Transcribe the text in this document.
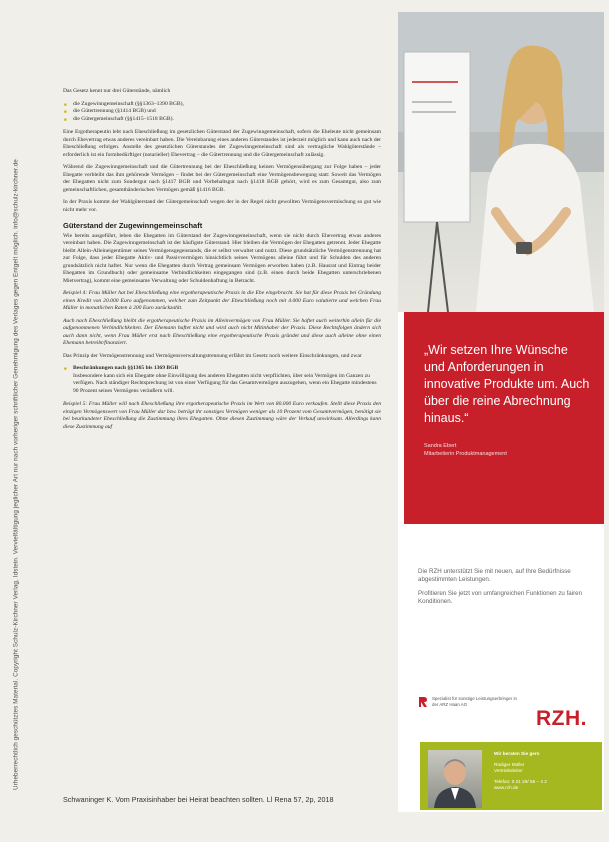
Urheberrechtlich geschütztes Material. Copyright Schulz-Kirchner Verlag, Idstein. Vervielfältigung jeglicher Art nur nach vorheriger schriftlicher Genehmigung des Verlages gegen Entgelt möglich. info@schulz-kirchner.de

Das Gesetz kennt nur drei Güterstände, nämlich

■ die Zugewinngemeinschaft (§§1363–1390 BGB),
■ die Gütertrennung (§1414 BGB) und
■ die Gütergemeinschaft (§§1415–1518 BGB).

Eine Ergotherapeutin lebt nach Eheschließung im gesetzlichen Güterstand der Zugewinngemeinschaft, sofern die Eheleute nicht gemeinsam durch Ehevertrag etwas anderes vereinbart haben. Die Vereinbarung eines anderen Güterstandes ist jederzeit möglich und kann auch nach der Eheschließung erfolgen. Anstelle des gesetzlichen Güterstandes der Zugewinngemeinschaft sind als vertragliche Wahlgüterstände – erforderlich ist ein formbedürftiger (notarieller) Ehevertrag – die Gütertrennung und die Gütergemeinschaft zulässig.

Während die Zugewinngemeinschaft und die Gütertrennung bei der Eheschließung keinen Vermögensübergang zur Folge haben – jeder Ehegatte verbleibt das ihm gehörende Vermögen – findet bei der Gütergemeinschaft eine Vermögensbewegung statt: Soweit das Vermögen der Ehegatten nicht zum Sondergut nach §1417 BGB und Vorbehaltsgut nach §1418 BGB gehört, wird es zum Gesamtgut, also zum gemeinschaftlichen, gesamthänderischen Vermögen gemäß §1416 BGB.

In der Praxis kommt der Wahlgüterstand der Gütergemeinschaft wegen der in der Regel nicht gewollten Vermögensvermischung so gut wie nicht mehr vor.

Güterstand der Zugewinngemeinschaft

Wie bereits ausgeführt, leben die Ehegatten im Güterstand der Zugewinngemeinschaft, wenn sie nicht durch Ehevertrag etwas anderes vereinbart haben. Die Zugewinngemeinschaft ist der häufigste Güterstand. Hier bleiben die Vermögen der Ehegatten getrennt. Jeder Ehegatte bleibt Allein-Alleineigentümer seines Vermögensgegenstands, die er selbst verwaltet und nutzt. Diese grundsätzliche Vermögenstrennung hat zur Folge, dass jeder Ehegatte Aktiv- und Passivvermögen hinsichtlich seines Vermögens alleine führt und für Schulden des anderen grundsätzlich nicht haftet. Nur wenn die Ehegatten durch Vertrag gemeinsam Vermögen erworben haben (z.B. Hausrat und Eintrag beider Ehegatten im Grundbuch) oder gemeinsame Verbindlichkeiten eingegangen sind (z.B. einen durch beide Ehegatten unterschriebenen Mietvertrag), kommt eine gemeinsame Verwaltung oder Schuldenhaftung in Betracht.

Beispiel 4: Frau Müller hat bei Eheschließung eine ergotherapeutische Praxis in die Ehe eingebracht. Sie hat für diese Praxis bei Gründung einen Kredit von 20.000 Euro aufgenommen, welcher zum Zeitpunkt der Eheschließung noch mit 4.000 Euro valutierte und welchen Frau Müller in monatlichen Raten à 200 Euro zurückzahlt.

Auch nach Eheschließung bleibt die ergotherapeutische Praxis im Alleinvermögen von Frau Müller. Sie haftet auch weiterhin allein für die aufgenommenen Verbindlichkeiten. Der Ehemann haftet nicht und wird auch nicht Mitinhaber der Praxis. Diese Rechtsfolgen ändern sich auch dann nicht, wenn Frau Müller erst nach Eheschließung eine ergotherapeutische Praxis gründet und diese auch alleine ohne einen Ehemann betreibt/finanziert.

Das Prinzip der Vermögenstrennung und Vermögensverwaltungstrennung erfährt im Gesetz noch weitere Einschränkungen, und zwar

■ Beschränkungen nach §§1365 bis 1369 BGB
Insbesondere kann sich ein Ehegatte ohne Einwilligung des anderen Ehegatten nicht verpflichten, über sein Vermögen im Ganzen zu verfügen. Nach ständiger Rechtsprechung ist von einer Verfügung für das Gesamtvermögen auszugehen, wenn ein Ehegatte mindestens 90 Prozent seines Vermögens veräußern will.

Beispiel 5: Frau Müller will nach Eheschließung ihre ergotherapeutische Praxis im Wert von 80.000 Euro verkaufen. Stellt diese Praxis den einzigen Vermögenswert von Frau Müller dar bzw. beträgt ihr sonstiges Vermögen weniger als 10 Prozent vom Gesamtvermögen, benötigt sie bei beurkundeter Eheschließung die Zustimmung ihres Ehegatten. Ohne diesen Zustimmung wäre der Verkauf unwirksam. Allerdings kann diese Zustimmung auf

Schwaninger K. Vom Praxisinhaber bei Heirat beachten sollten. Ll Rena 57, 2p, 2018
„Wir setzen Ihre Wünsche und Anforderungen in innovative Produkte um. Auch über die reine Abrechnung hinaus.“
Sandra Ebert
Mitarbeiterin Produktmanagement

Die RZH unterstützt Sie mit neuen, auf Ihre Bedürfnisse abgestimmten Leistungen.

Profitieren Sie jetzt von umfangreichen Funktionen zu fairen Konditionen.

Spezialist für sonstige Leistungserbringer in der ARZ Haan AG
RZH.
Wir beraten Sie gern
Rüdiger Müller
Vertriebsleiter
Telefon: 0 21 29/ 56 – 4 2
www.rzh.de
